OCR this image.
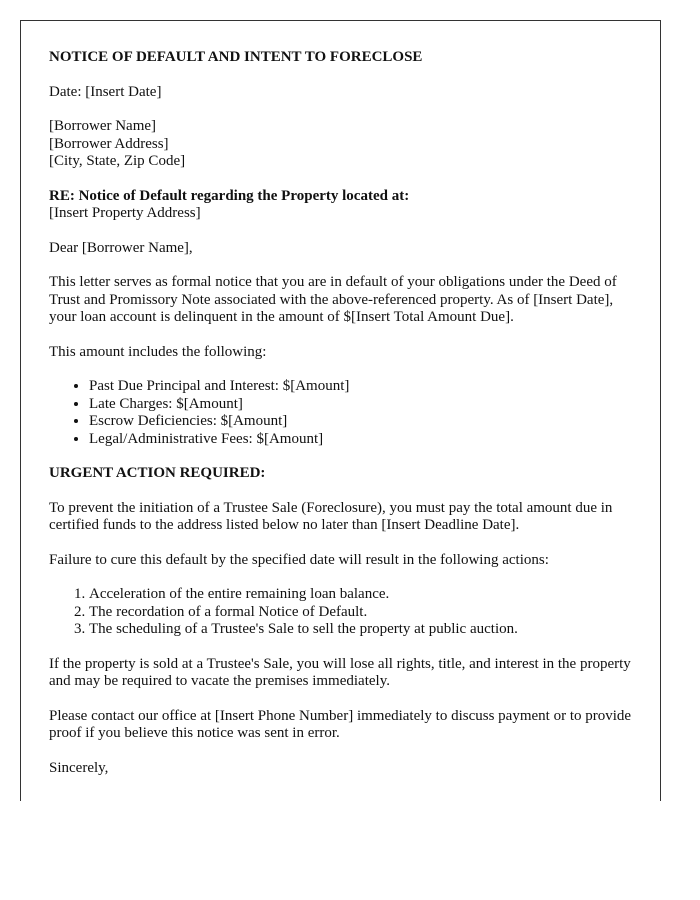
NOTICE OF DEFAULT AND INTENT TO FORECLOSE

Date: [Insert Date]

[Borrower Name]
[Borrower Address]
[City, State, Zip Code]

RE: Notice of Default regarding the Property located at:
[Insert Property Address]

Dear [Borrower Name],

This letter serves as formal notice that you are in default of your obligations under the Deed of Trust and Promissory Note associated with the above-referenced property. As of [Insert Date], your loan account is delinquent in the amount of $[Insert Total Amount Due].

This amount includes the following:

• Past Due Principal and Interest: $[Amount]
• Late Charges: $[Amount]
• Escrow Deficiencies: $[Amount]
• Legal/Administrative Fees: $[Amount]
URGENT ACTION REQUIRED:

To prevent the initiation of a Trustee Sale (Foreclosure), you must pay the total amount due in certified funds to the address listed below no later than [Insert Deadline Date].

Failure to cure this default by the specified date will result in the following actions:

1. Acceleration of the entire remaining loan balance.
2. The recordation of a formal Notice of Default.
3. The scheduling of a Trustee's Sale to sell the property at public auction.

If the property is sold at a Trustee's Sale, you will lose all rights, title, and interest in the property and may be required to vacate the premises immediately.

Please contact our office at [Insert Phone Number] immediately to discuss payment or to provide proof if you believe this notice was sent in error.

Sincerely,
